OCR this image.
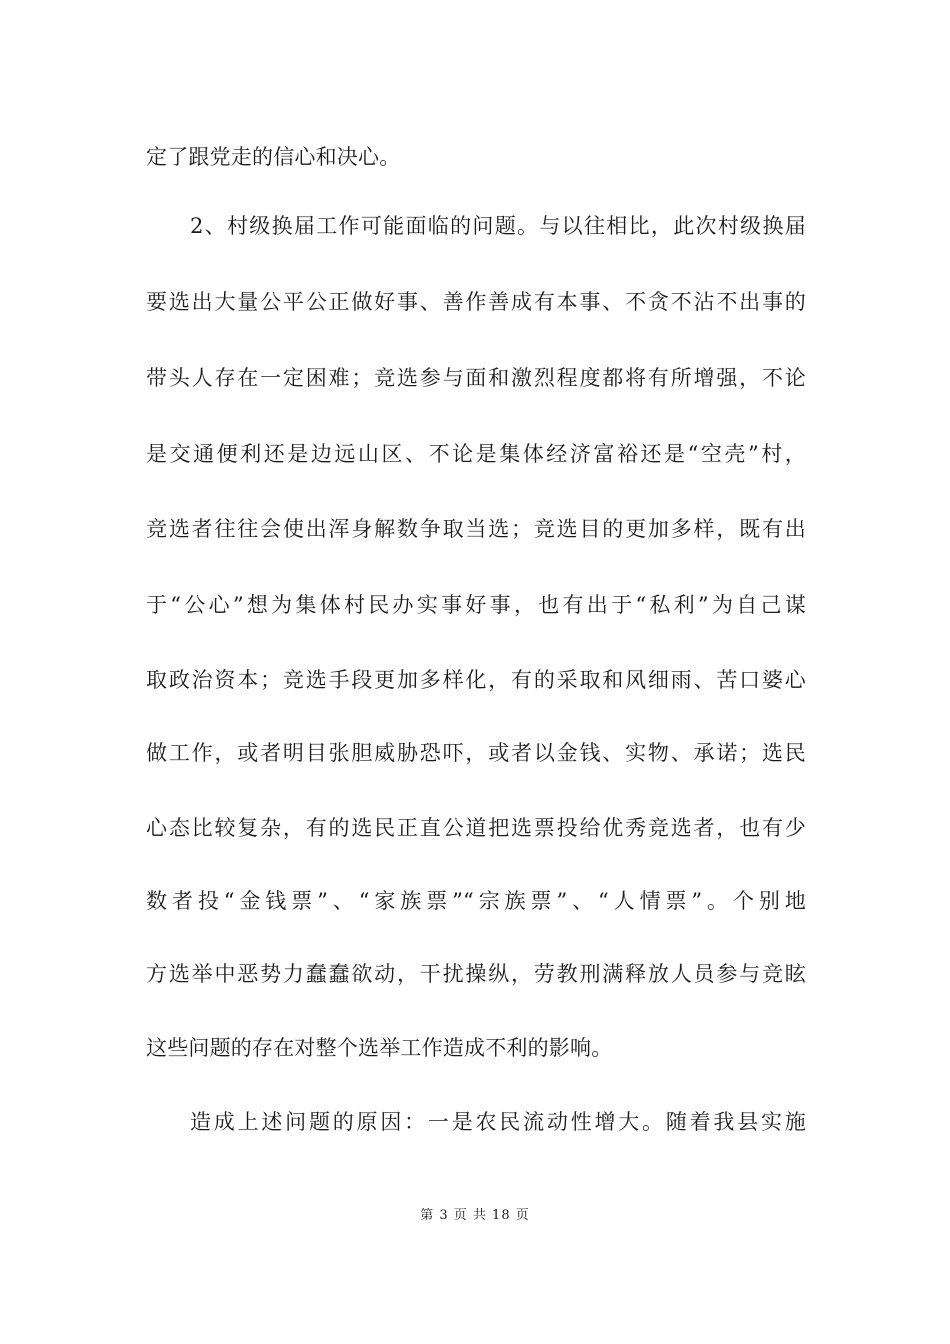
定了跟党走的信心和决心。
2、村级换届工作可能面临的问题。与以往相比，此次村级换届
要选出大量公平公正做好事、善作善成有本事、不贪不沾不出事的
带头人存在一定困难；竞选参与面和激烈程度都将有所增强，不论
是交通便利还是边远山区、不论是集体经济富裕还是“空壳”村，
竞选者往往会使出浑身解数争取当选；竞选目的更加多样，既有出
于“公心”想为集体村民办实事好事，也有出于“私利”为自己谋
取政治资本；竞选手段更加多样化，有的采取和风细雨、苦口婆心
做工作，或者明目张胆威胁恐吓，或者以金钱、实物、承诺；选民
心态比较复杂，有的选民正直公道把选票投给优秀竞选者，也有少
数者投“金钱票”、“家族票”“宗族票”、“人情票”。个别地
方选举中恶势力蠢蠢欲动，干扰操纵，劳教刑满释放人员参与竞眩
这些问题的存在对整个选举工作造成不利的影响。
造成上述问题的原因：一是农民流动性增大。随着我县实施
第 3 页 共 18 页
